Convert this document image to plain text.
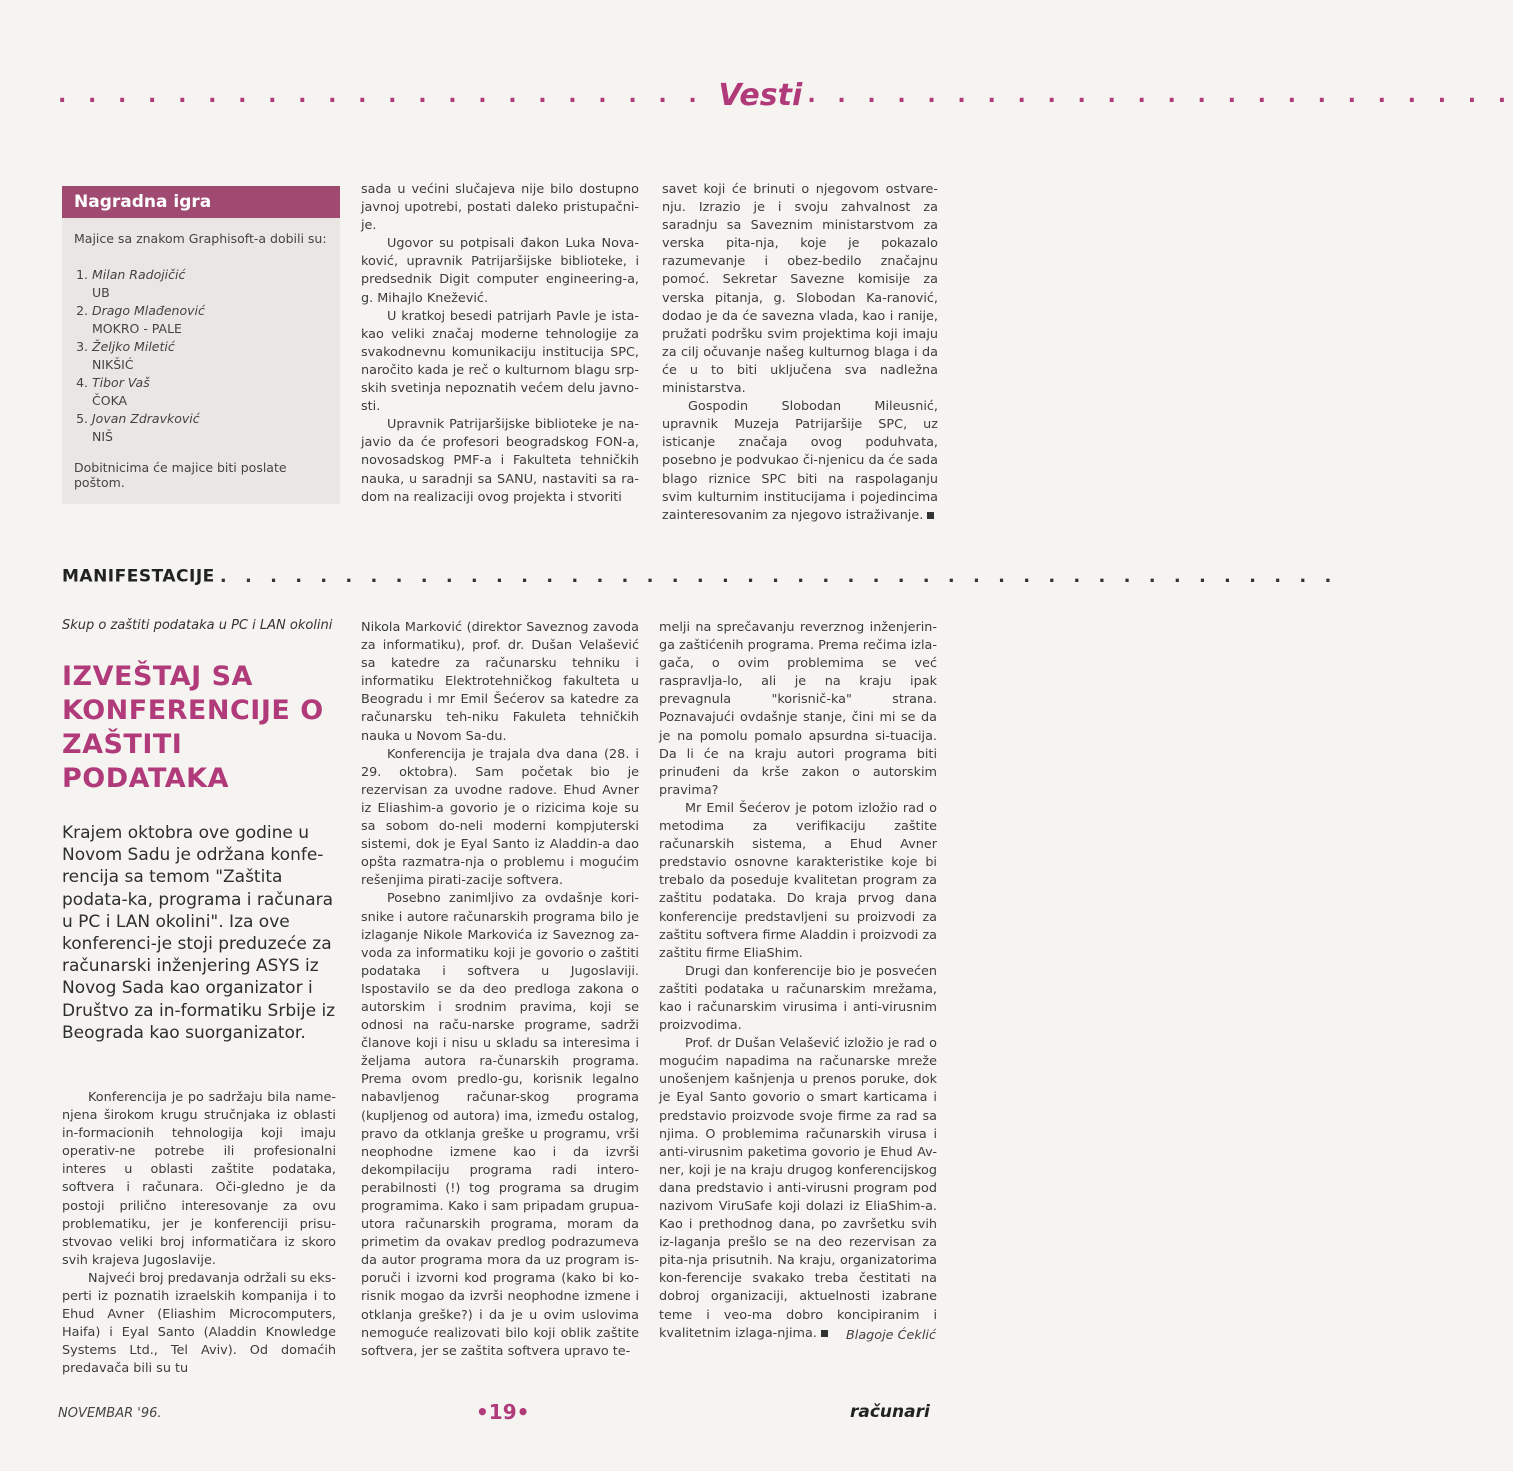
. . . . . . . . . . . . . . . . . . . . . . Vesti . . . . . . . . . . . . . . . . . . . . . . . .
Nagradna igra
Majice sa znakom Graphisoft-a dobili su:
1. Milan Radojičić
UB
2. Drago Mlađenović
MOKRO - PALE
3. Željko Miletić
NIKŠIĆ
4. Tibor Vaš
ČOKA
5. Jovan Zdravković
NIŠ
Dobitnicima će majice biti poslate poštom.

sada u većini slučajeva nije bilo dostupno javnoj upotrebi, postati daleko pristupačni-je.

Ugovor su potpisali đakon Luka Nova-ković, upravnik Patrijaršijske biblioteke, i predsednik Digit computer engineering-a, g. Mihajlo Knežević.

U kratkoj besedi patrijarh Pavle je ista-kao veliki značaj moderne tehnologije za svakodnevnu komunikaciju institucija SPC, naročito kada je reč o kulturnom blagu srp-skih svetinja nepoznatih većem delu javno-sti.

Upravnik Patrijaršijske biblioteke je na-javio da će profesori beogradskog FON-a, novosadskog PMF-a i Fakulteta tehničkih nauka, u saradnji sa SANU, nastaviti sa ra-dom na realizaciji ovog projekta i stvoriti

savet koji će brinuti o njegovom ostvare-nju. Izrazio je i svoju zahvalnost za saradnju sa Saveznim ministarstvom za verska pita-nja, koje je pokazalo razumevanje i obez-bedilo značajnu pomoć. Sekretar Savezne komisije za verska pitanja, g. Slobodan Ka-ranović, dodao je da će savezna vlada, kao i ranije, pružati podršku svim projektima koji imaju za cilj očuvanje našeg kulturnog blaga i da će u to biti uključena sva nadležna ministarstva.

Gospodin Slobodan Mileusnić, upravnik Muzeja Patrijaršije SPC, uz isticanje značaja ovog poduhvata, posebno je podvukao či-njenicu da će sada blago riznice SPC biti na raspolaganju svim kulturnim institucijama i pojedincima zainteresovanim za njegovo istraživanje.

MANIFESTACIJE . . . . . . . . . . . . . . . . . . . . . . . . . . . . . . . . . . . . . . . . . . . . .
Skup o zaštiti podataka u PC i LAN okolini
IZVEŠTAJ SA KONFERENCIJE O ZAŠTITI PODATAKA
Krajem oktobra ove godine u Novom Sadu je održana konfe-rencija sa temom "Zaštita podata-ka, programa i računara u PC i LAN okolini". Iza ove konferenci-je stoji preduzeće za računarski inženjering ASYS iz Novog Sada kao organizator i Društvo za in-formatiku Srbije iz Beograda kao suorganizator.

Konferencija je po sadržaju bila name-njena širokom krugu stručnjaka iz oblasti in-formacionih tehnologija koji imaju operativ-ne potrebe ili profesionalni interes u oblasti zaštite podataka, softvera i računara. Oči-gledno je da postoji prilično interesovanje za ovu problematiku, jer je konferenciji prisu-stvovao veliki broj informatičara iz skoro svih krajeva Jugoslavije.

Najveći broj predavanja održali su eks-perti iz poznatih izraelskih kompanija i to Ehud Avner (Eliashim Microcomputers, Haifa) i Eyal Santo (Aladdin Knowledge Systems Ltd., Tel Aviv). Od domaćih predavača bili su tu

Nikola Marković (direktor Saveznog zavoda za informatiku), prof. dr. Dušan Velašević sa katedre za računarsku tehniku i informatiku Elektrotehničkog fakulteta u Beogradu i mr Emil Šećerov sa katedre za računarsku teh-niku Fakuleta tehničkih nauka u Novom Sa-du.

Konferencija je trajala dva dana (28. i 29. oktobra). Sam početak bio je rezervisan za uvodne radove. Ehud Avner iz Eliashim-a govorio je o rizicima koje su sa sobom do-neli moderni kompjuterski sistemi, dok je Eyal Santo iz Aladdin-a dao opšta razmatra-nja o problemu i mogućim rešenjima pirati-zacije softvera.

Posebno zanimljivo za ovdašnje kori-snike i autore računarskih programa bilo je izlaganje Nikole Markovića iz Saveznog za-voda za informatiku koji je govorio o zaštiti podataka i softvera u Jugoslaviji. Ispostavilo se da deo predloga zakona o autorskim i srodnim pravima, koji se odnosi na raču-narske programe, sadrži članove koji i nisu u skladu sa interesima i željama autora ra-čunarskih programa. Prema ovom predlo-gu, korisnik legalno nabavljenog računar-skog programa (kupljenog od autora) ima, između ostalog, pravo da otklanja greške u programu, vrši neophodne izmene kao i da izvrši dekompilaciju programa radi intero-perabilnosti (!) tog programa sa drugim programima. Kako i sam pripadam grupua-utora računarskih programa, moram da primetim da ovakav predlog podrazumeva da autor programa mora da uz program is-poruči i izvorni kod programa (kako bi ko-risnik mogao da izvrši neophodne izmene i otklanja greške?) i da je u ovim uslovima nemoguće realizovati bilo koji oblik zaštite softvera, jer se zaštita softvera upravo te-

melji na sprečavanju reverznog inženjerin-ga zaštićenih programa. Prema rečima izla-gača, o ovim problemima se već raspravlja-lo, ali je na kraju ipak prevagnula "korisnič-ka" strana. Poznavajući ovdašnje stanje, čini mi se da je na pomolu pomalo apsurdna si-tuacija. Da li će na kraju autori programa biti prinuđeni da krše zakon o autorskim pravima?

Mr Emil Šećerov je potom izložio rad o metodima za verifikaciju zaštite računarskih sistema, a Ehud Avner predstavio osnovne karakteristike koje bi trebalo da poseduje kvalitetan program za zaštitu podataka. Do kraja prvog dana konferencije predstavljeni su proizvodi za zaštitu softvera firme Aladdin i proizvodi za zaštitu firme EliaShim.

Drugi dan konferencije bio je posvećen zaštiti podataka u računarskim mrežama, kao i računarskim virusima i anti-virusnim proizvodima.

Prof. dr Dušan Velašević izložio je rad o mogućim napadima na računarske mreže unošenjem kašnjenja u prenos poruke, dok je Eyal Santo govorio o smart karticama i predstavio proizvode svoje firme za rad sa njima. O problemima računarskih virusa i anti-virusnim paketima govorio je Ehud Av-ner, koji je na kraju drugog konferencijskog dana predstavio i anti-virusni program pod nazivom ViruSafe koji dolazi iz EliaShim-a. Kao i prethodnog dana, po završetku svih iz-laganja prešlo se na deo rezervisan za pita-nja prisutnih. Na kraju, organizatorima kon-ferencije svakako treba čestitati na dobroj organizaciji, aktuelnosti izabrane teme i veo-ma dobro koncipiranim i kvalitetnim izlaga-njima.	Blagoje Ćeklić
NOVEMBAR '96.	•19•	računari
